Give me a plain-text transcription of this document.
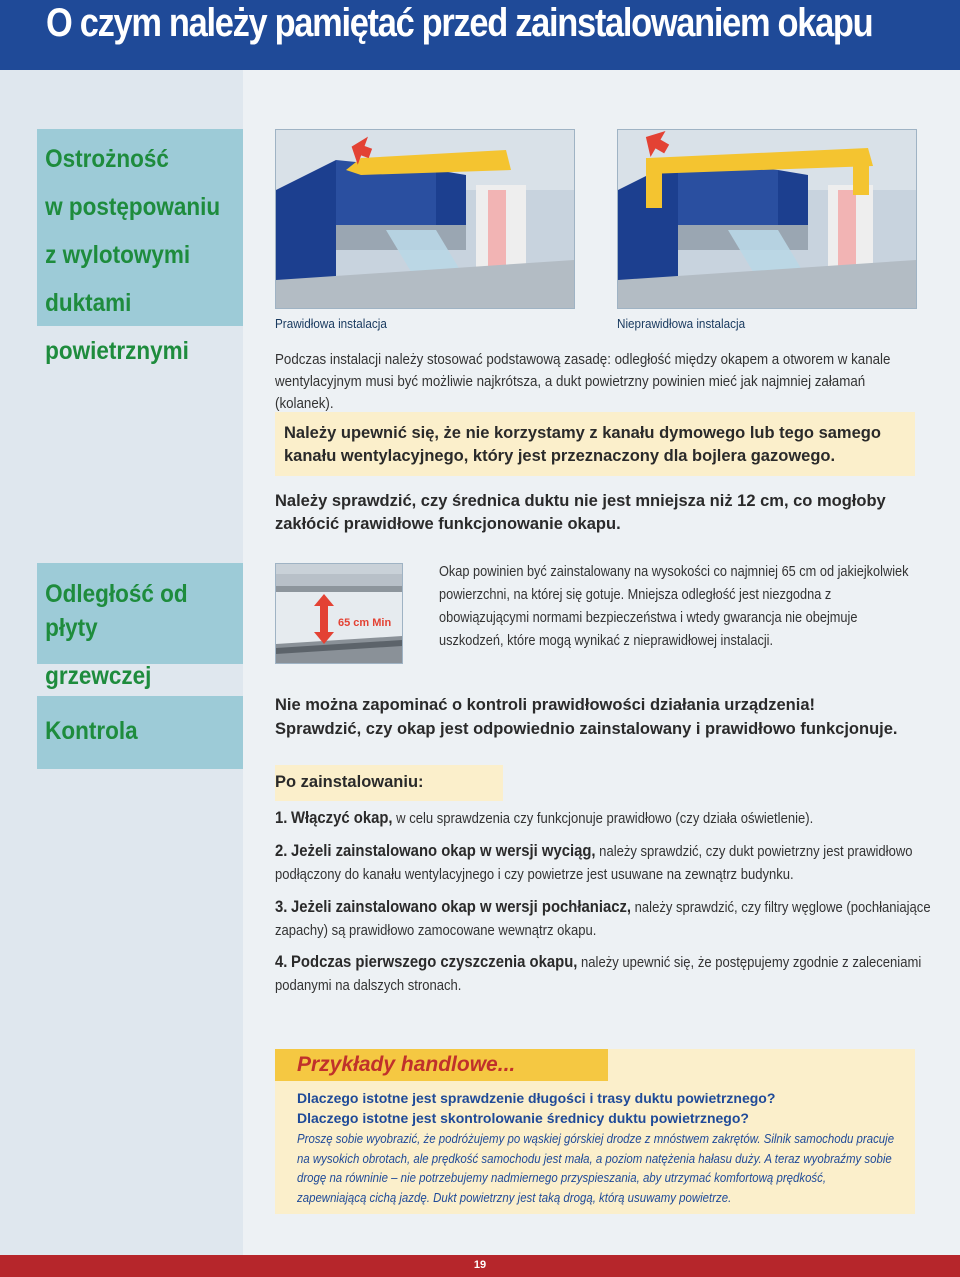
O czym należy pamiętać przed zainstalowaniem okapu
Ostrożność
w postępowaniu
z wylotowymi
duktami
powietrznymi
Odległość od płyty
grzewczej
Kontrola
Prawidłowa instalacja	Nieprawidłowa instalacja
Podczas instalacji należy stosować podstawową zasadę: odległość między okapem a otworem w kanale wentylacyjnym musi być możliwie najkrótsza, a dukt powietrzny powinien mieć jak najmniej załamań (kolanek).
Należy upewnić się, że nie korzystamy z kanału dymowego lub tego samego kanału wentylacyjnego, który jest przeznaczony dla bojlera gazowego.
Należy sprawdzić, czy średnica duktu nie jest mniejsza niż 12 cm, co mogłoby zakłócić prawidłowe funkcjonowanie okapu.
65 cm Min
Okap powinien być zainstalowany na wysokości co najmniej 65 cm od jakiejkolwiek powierzchni, na której się gotuje. Mniejsza odległość jest niezgodna z obowiązującymi normami bezpieczeństwa i wtedy gwarancja nie obejmuje uszkodzeń, które mogą wynikać z nieprawidłowej instalacji.
Nie można zapominać o kontroli prawidłowości działania urządzenia!
Sprawdzić, czy okap jest odpowiednio zainstalowany i prawidłowo funkcjonuje.
Po zainstalowaniu:
1. Włączyć okap, w celu sprawdzenia czy funkcjonuje prawidłowo (czy działa oświetlenie).
2. Jeżeli zainstalowano okap w wersji wyciąg, należy sprawdzić, czy dukt powietrzny jest prawidłowo podłączony do kanału wentylacyjnego i czy powietrze jest usuwane na zewnątrz budynku.
3. Jeżeli zainstalowano okap w wersji pochłaniacz, należy sprawdzić, czy filtry węglowe (pochłaniające zapachy) są prawidłowo zamocowane wewnątrz okapu.
4. Podczas pierwszego czyszczenia okapu, należy upewnić się, że postępujemy zgodnie z zaleceniami podanymi na dalszych stronach.
Przykłady handlowe...
Dlaczego istotne jest sprawdzenie długości i trasy duktu powietrznego?
Dlaczego istotne jest skontrolowanie średnicy duktu powietrznego?
Proszę sobie wyobrazić, że podróżujemy po wąskiej górskiej drodze z mnóstwem zakrętów. Silnik samochodu pracuje na wysokich obrotach, ale prędkość samochodu jest mała, a poziom natężenia hałasu duży. A teraz wyobraźmy sobie drogę na równinie – nie potrzebujemy nadmiernego przyspieszania, aby utrzymać komfortową prędkość, zapewniającą cichą jazdę. Dukt powietrzny jest taką drogą, którą usuwamy powietrze.
19
